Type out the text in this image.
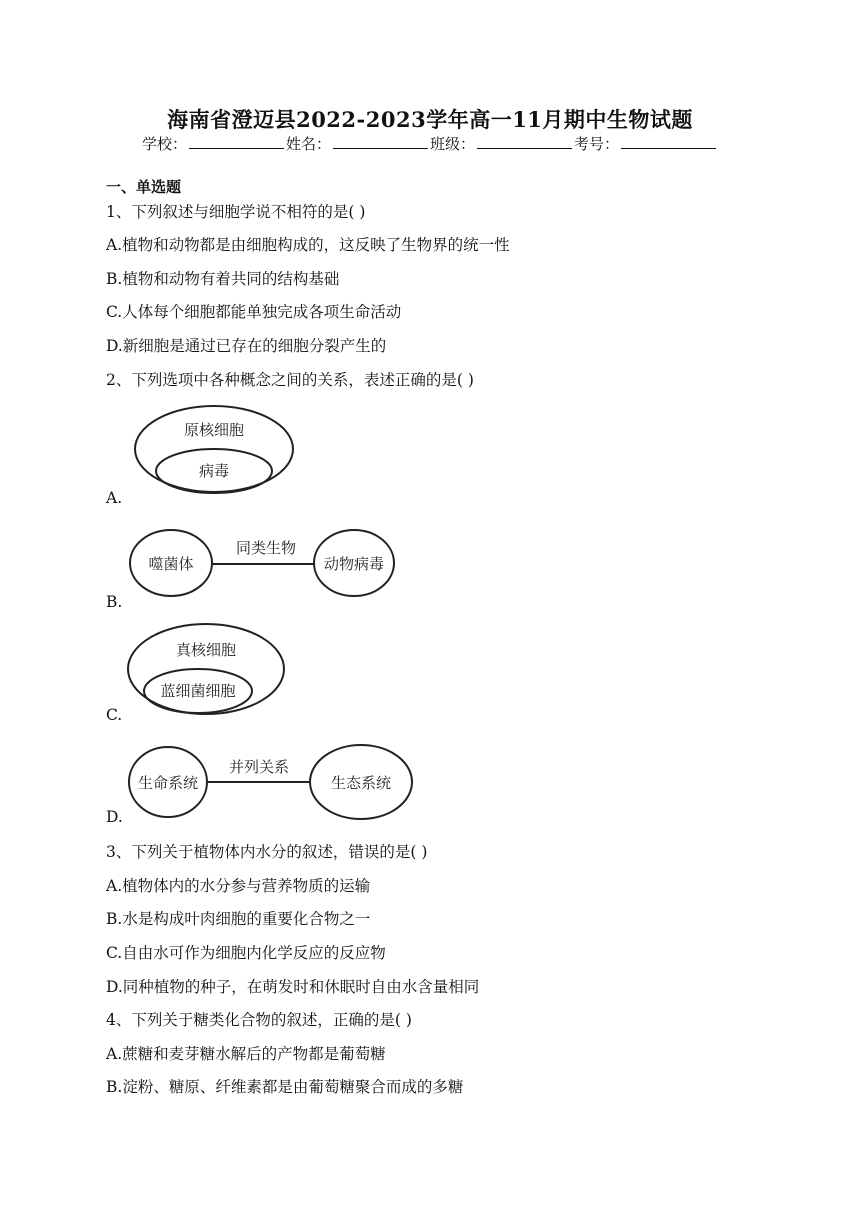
海南省澄迈县2022-2023学年高一11月期中生物试题
学校：	姓名：	班级：	考号：
一、单选题
1、下列叙述与细胞学说不相符的是( )
A.植物和动物都是由细胞构成的，这反映了生物界的统一性
B.植物和动物有着共同的结构基础
C.人体每个细胞都能单独完成各项生命活动
D.新细胞是通过已存在的细胞分裂产生的
2、下列选项中各种概念之间的关系，表述正确的是( )
原核细胞
病毒
A.
噬菌体
同类生物
动物病毒
B.
真核细胞
蓝细菌细胞
C.
生命系统
并列关系
生态系统
D.
3、下列关于植物体内水分的叙述，错误的是( )
A.植物体内的水分参与营养物质的运输
B.水是构成叶肉细胞的重要化合物之一
C.自由水可作为细胞内化学反应的反应物
D.同种植物的种子，在萌发时和休眠时自由水含量相同
4、下列关于糖类化合物的叙述，正确的是( )
A.蔗糖和麦芽糖水解后的产物都是葡萄糖
B.淀粉、糖原、纤维素都是由葡萄糖聚合而成的多糖
